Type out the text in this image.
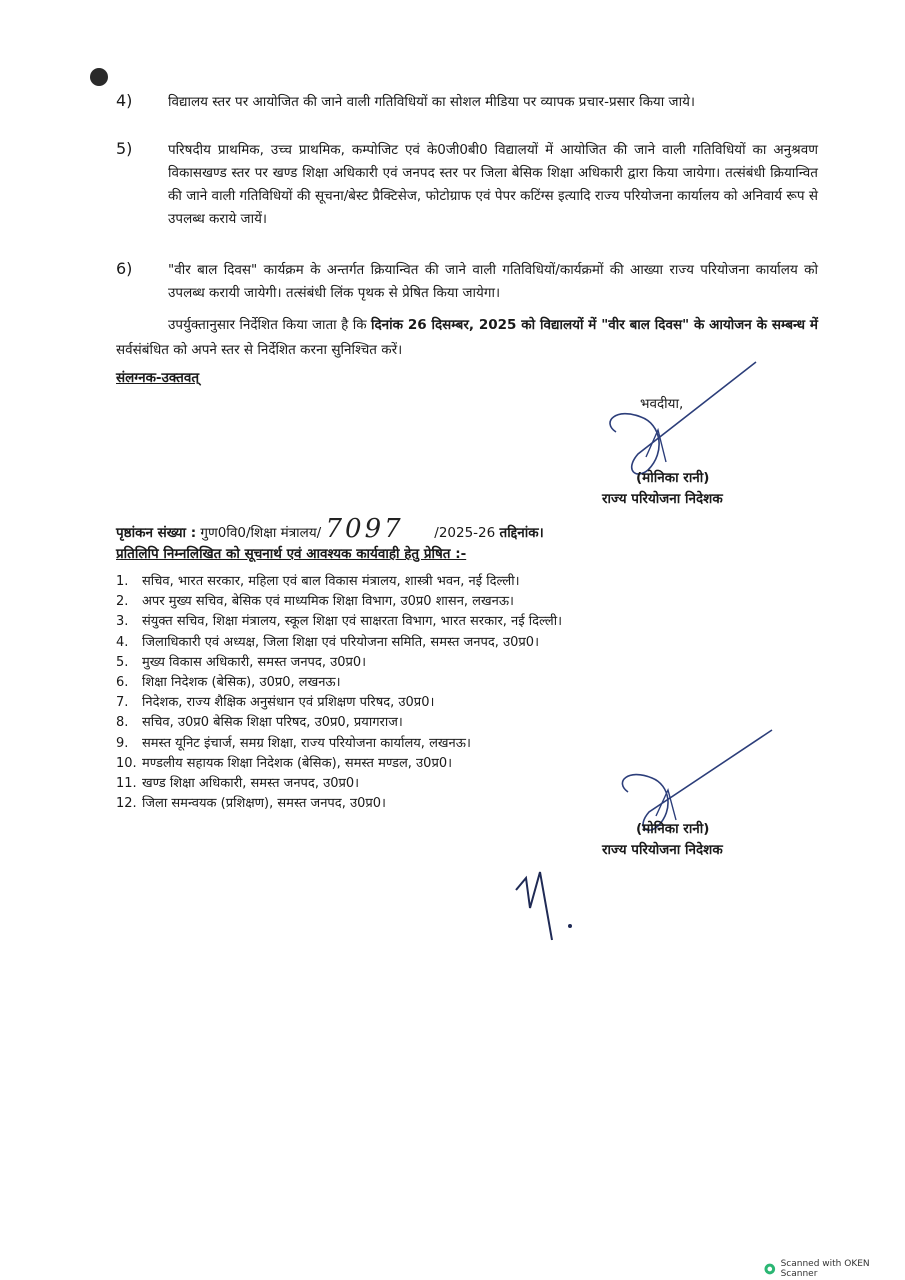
4)	विद्यालय स्तर पर आयोजित की जाने वाली गतिविधियों का सोशल मीडिया पर व्यापक प्रचार-प्रसार किया जाये।
5)	परिषदीय प्राथमिक, उच्च प्राथमिक, कम्पोजिट एवं के0जी0बी0 विद्यालयों में आयोजित की जाने वाली गतिविधियों का अनुश्रवण विकासखण्ड स्तर पर खण्ड शिक्षा अधिकारी एवं जनपद स्तर पर जिला बेसिक शिक्षा अधिकारी द्वारा किया जायेगा। तत्संबंधी क्रियान्वित की जाने वाली गतिविधियों की सूचना/बेस्ट प्रैक्टिसेज, फोटोग्राफ एवं पेपर कटिंग्स इत्यादि राज्य परियोजना कार्यालय को अनिवार्य रूप से उपलब्ध कराये जायें।
6)	"वीर बाल दिवस" कार्यक्रम के अन्तर्गत क्रियान्वित की जाने वाली गतिविधियों/कार्यक्रमों की आख्या राज्य परियोजना कार्यालय को उपलब्ध करायी जायेगी। तत्संबंधी लिंक पृथक से प्रेषित किया जायेगा।
उपर्युक्तानुसार निर्देशित किया जाता है कि दिनांक 26 दिसम्बर, 2025 को विद्यालयों में "वीर बाल दिवस" के आयोजन के सम्बन्ध में सर्वसंबंधित को अपने स्तर से निर्देशित करना सुनिश्चित करें।
संलग्नक-उक्तवत्
भवदीया,
(मोनिका रानी)
राज्य परियोजना निदेशक
पृष्ठांकन संख्या : गुण0वि0/शिक्षा मंत्रालय/ 7097 /2025-26 तद्दिनांक।
प्रतिलिपि निम्नलिखित को सूचनार्थ एवं आवश्यक कार्यवाही हेतु प्रेषित :-
1.	सचिव, भारत सरकार, महिला एवं बाल विकास मंत्रालय, शास्त्री भवन, नई दिल्ली।
2.	अपर मुख्य सचिव, बेसिक एवं माध्यमिक शिक्षा विभाग, उ0प्र0 शासन, लखनऊ।
3.	संयुक्त सचिव, शिक्षा मंत्रालय, स्कूल शिक्षा एवं साक्षरता विभाग, भारत सरकार, नई दिल्ली।
4.	जिलाधिकारी एवं अध्यक्ष, जिला शिक्षा एवं परियोजना समिति, समस्त जनपद, उ0प्र0।
5.	मुख्य विकास अधिकारी, समस्त जनपद, उ0प्र0।
6.	शिक्षा निदेशक (बेसिक), उ0प्र0, लखनऊ।
7.	निदेशक, राज्य शैक्षिक अनुसंधान एवं प्रशिक्षण परिषद, उ0प्र0।
8.	सचिव, उ0प्र0 बेसिक शिक्षा परिषद, उ0प्र0, प्रयागराज।
9.	समस्त यूनिट इंचार्ज, समग्र शिक्षा, राज्य परियोजना कार्यालय, लखनऊ।
10. मण्डलीय सहायक शिक्षा निदेशक (बेसिक), समस्त मण्डल, उ0प्र0।
11. खण्ड शिक्षा अधिकारी, समस्त जनपद, उ0प्र0।
12. जिला समन्वयक (प्रशिक्षण), समस्त जनपद, उ0प्र0।
(मोनिका रानी)
राज्य परियोजना निदेशक
Scanned with OKEN Scanner
